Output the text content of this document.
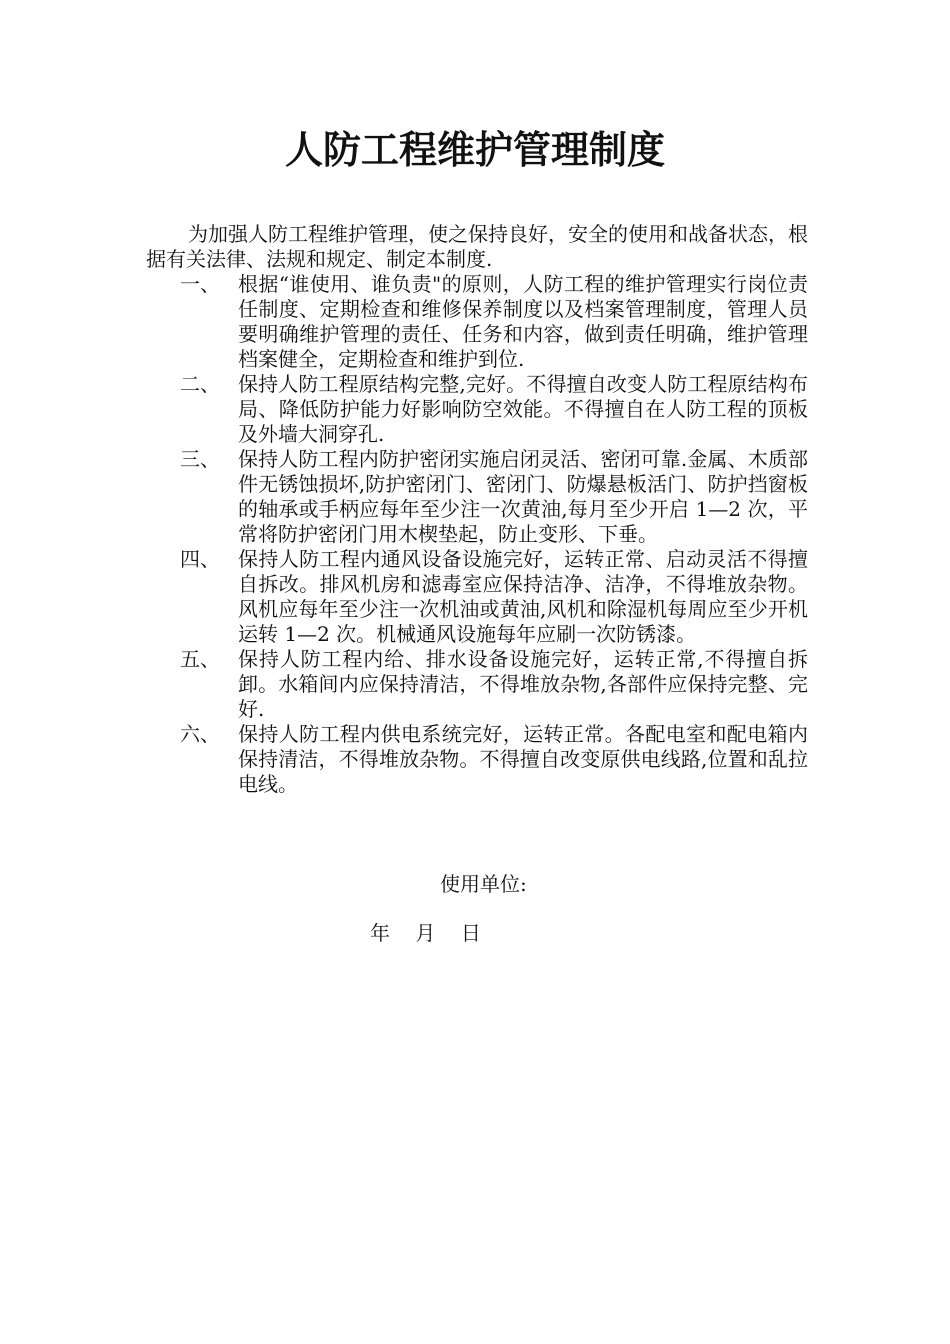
人防工程维护管理制度

为加强人防工程维护管理，使之保持良好，安全的使用和战备状态，根据有关法律、法规和规定、制定本制度.

一、 根据“谁使用、谁负责"的原则，人防工程的维护管理实行岗位责任制度、定期检查和维修保养制度以及档案管理制度，管理人员要明确维护管理的责任、任务和内容，做到责任明确，维护管理档案健全，定期检查和维护到位.
二、 保持人防工程原结构完整,完好。不得擅自改变人防工程原结构布局、降低防护能力好影响防空效能。不得擅自在人防工程的顶板及外墙大洞穿孔.
三、 保持人防工程内防护密闭实施启闭灵活、密闭可靠.金属、木质部件无锈蚀损坏,防护密闭门、密闭门、防爆悬板活门、防护挡窗板的轴承或手柄应每年至少注一次黄油,每月至少开启 1—2 次，平常将防护密闭门用木楔垫起，防止变形、下垂。
四、 保持人防工程内通风设备设施完好，运转正常、启动灵活不得擅自拆改。排风机房和滤毒室应保持洁净、洁净，不得堆放杂物。风机应每年至少注一次机油或黄油,风机和除湿机每周应至少开机运转 1—2 次。机械通风设施每年应刷一次防锈漆。
五、 保持人防工程内给、排水设备设施完好，运转正常,不得擅自拆卸。水箱间内应保持清洁，不得堆放杂物,各部件应保持完整、完好.
六、 保持人防工程内供电系统完好，运转正常。各配电室和配电箱内保持清洁，不得堆放杂物。不得擅自改变原供电线路,位置和乱拉电线。
使用单位:
年    月    日
